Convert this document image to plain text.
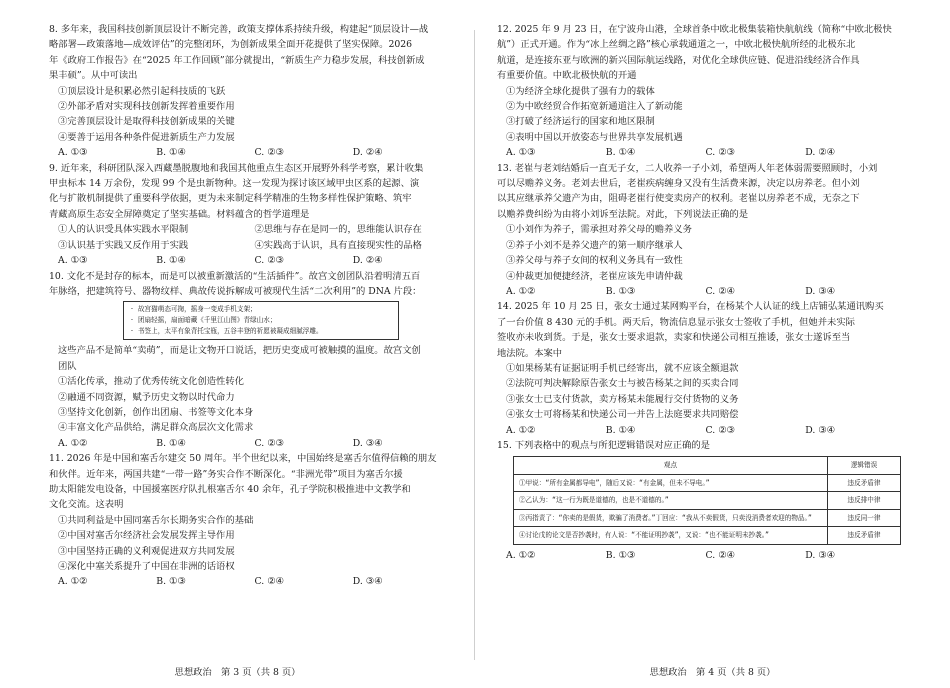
8. 多年来，我国科技创新顶层设计不断完善，政策支撑体系持续升级，构建起“顶层设计—战
略部署—政策落地—成效评估”的完整闭环，为创新成果全面开花提供了坚实保障。2026
年《政府工作报告》在“2025 年工作回顾”部分就提出，“新质生产力稳步发展，科技创新成
果丰硕”。从中可读出
①顶层设计是积累必然引起科技质的飞跃
②外部矛盾对实现科技创新发挥着重要作用
③完善顶层设计是取得科技创新成果的关键
④要善于运用各种条件促进新质生产力发展
A. ①③	B. ①④	C. ②③	D. ②④
9. 近年来，科研团队深入西藏墨脱腹地和我国其他重点生态区开展野外科学考察，累计收集
甲虫标本 14 万余份，发现 99 个是虫新物种。这一发现为探讨该区域甲虫区系的起源、演
化与扩散机制提供了重要科学依据，更为未来制定科学精准的生物多样性保护策略、筑牢
青藏高原生态安全屏障奠定了坚实基础。材料蕴含的哲学道理是
①人的认识受具体实践水平限制	②思维与存在是同一的，思维能认识存在
③认识基于实践又反作用于实践	④实践高于认识，具有直接现实性的品格
A. ①③	B. ①④	C. ②③	D. ②④
10. 文化不是封存的标本，而是可以被重新激活的“生活插件”。故宫文创团队沿着明清五百
年脉络，把建筑符号、器物纹样、典故传说拆解成可被现代生活“二次利用”的 DNA 片段：
· 故宫猫萌态可掬，摇身一变成手机支架；
· 团扇轻摇，扇面暗藏《千里江山图》青绿山水；
· 书签上，太平有象背托宝瓶，五谷丰登的祈愿被凝成细腻浮雕。
这些产品不是简单“卖萌”，而是让文物开口说话，把历史变成可被触摸的温度。故宫文创
团队
①活化传承，推动了优秀传统文化创造性转化
②融通不同资源，赋予历史文物以时代命力
③坚持文化创新，创作出团扇、书签等文化本身
④丰富文化产品供给，满足群众高层次文化需求
A. ①②	B. ①④	C. ②③	D. ③④
11. 2026 年是中国和塞舌尔建交 50 周年。半个世纪以来，中国始终是塞舌尔值得信赖的朋友
和伙伴。近年来，两国共建“一带一路”务实合作不断深化。“非洲光带”项目为塞舌尔援
助太阳能发电设备，中国援塞医疗队扎根塞舌尔 40 余年，孔子学院积极推进中文教学和
文化交流。这表明
①共同利益是中国同塞舌尔长期务实合作的基础
②中国对塞舌尔经济社会发展发挥主导作用
③中国坚持正确的义利观促进双方共同发展
④深化中塞关系提升了中国在非洲的话语权
A. ①②	B. ①③	C. ②④	D. ③④
思想政治　第 3 页（共 8 页）
12. 2025 年 9 月 23 日，在宁波舟山港，全球首条中欧北极集装箱快航航线（简称“中欧北极快
航”）正式开通。作为“冰上丝绸之路”核心承载通道之一，中欧北极快航所经的北极东北
航道，是连接东亚与欧洲的新兴国际航运线路，对优化全球供应链、促进沿线经济合作具
有重要价值。中欧北极快航的开通
①为经济全球化提供了强有力的载体
②为中欧经贸合作拓宽新通道注入了新动能
③打破了经济运行的国家和地区限制
④表明中国以开放姿态与世界共享发展机遇
A. ①③	B. ①④	C. ②③	D. ②④
13. 老崔与老刘结婚后一直无子女，二人收养一子小刘，希望两人年老体弱需要照顾时，小刘
可以尽赡养义务。老刘去世后，老崔疾病缠身又没有生活费来源，决定以房养老。但小刘
以其应继承养父遗产为由，阻碍老崔行使变卖房产的权利。老崔以房养老不成，无奈之下
以赡养费纠纷为由将小刘诉至法院。对此，下列说法正确的是
①小刘作为养子，需承担对养父母的赡养义务
②养子小刘不是养父遗产的第一顺序继承人
③养父母与养子女间的权利义务具有一致性
④仲裁更加便捷经济，老崔应该先申请仲裁
A. ①②	B. ①③	C. ②④	D. ③④
14. 2025 年 10 月 25 日，张女士通过某网购平台，在杨某个人认证的线上店铺弘某通讯购买
了一台价值 8 430 元的手机。两天后，物流信息显示张女士签收了手机，但她并未实际
签收亦未收到货。于是，张女士要求退款，卖家和快递公司相互推诿，张女士遂诉至当
地法院。本案中
①如果杨某有证据证明手机已经寄出，就不应该全额退款
②法院可判决解除原告张女士与被告杨某之间的买卖合同
③张女士已支付货款，卖方杨某未能履行交付货物的义务
④张女士可将杨某和快递公司一并告上法庭要求共同赔偿
A. ①②	B. ①④	C. ②③	D. ③④
15. 下列表格中的观点与所犯逻辑错误对应正确的是
观点	逻辑错误
①甲说：“所有金属都导电”，随后又说：“有金属，但未不导电。”	违反矛盾律
②乙认为：“这一行为既是道德的，也是不道德的。”	违反排中律
③丙指责了：“你卖的是假货，欺骗了消费者。”丁回应：“我从不卖假货，只卖没消费者欢迎的物品。”	违反同一律
④讨论戊的论文是否抄袭时，有人说：“不能证明抄袭”，又说：“也不能证明未抄袭。”	违反矛盾律
A. ①②	B. ①③	C. ②④	D. ③④
思想政治　第 4 页（共 8 页）
